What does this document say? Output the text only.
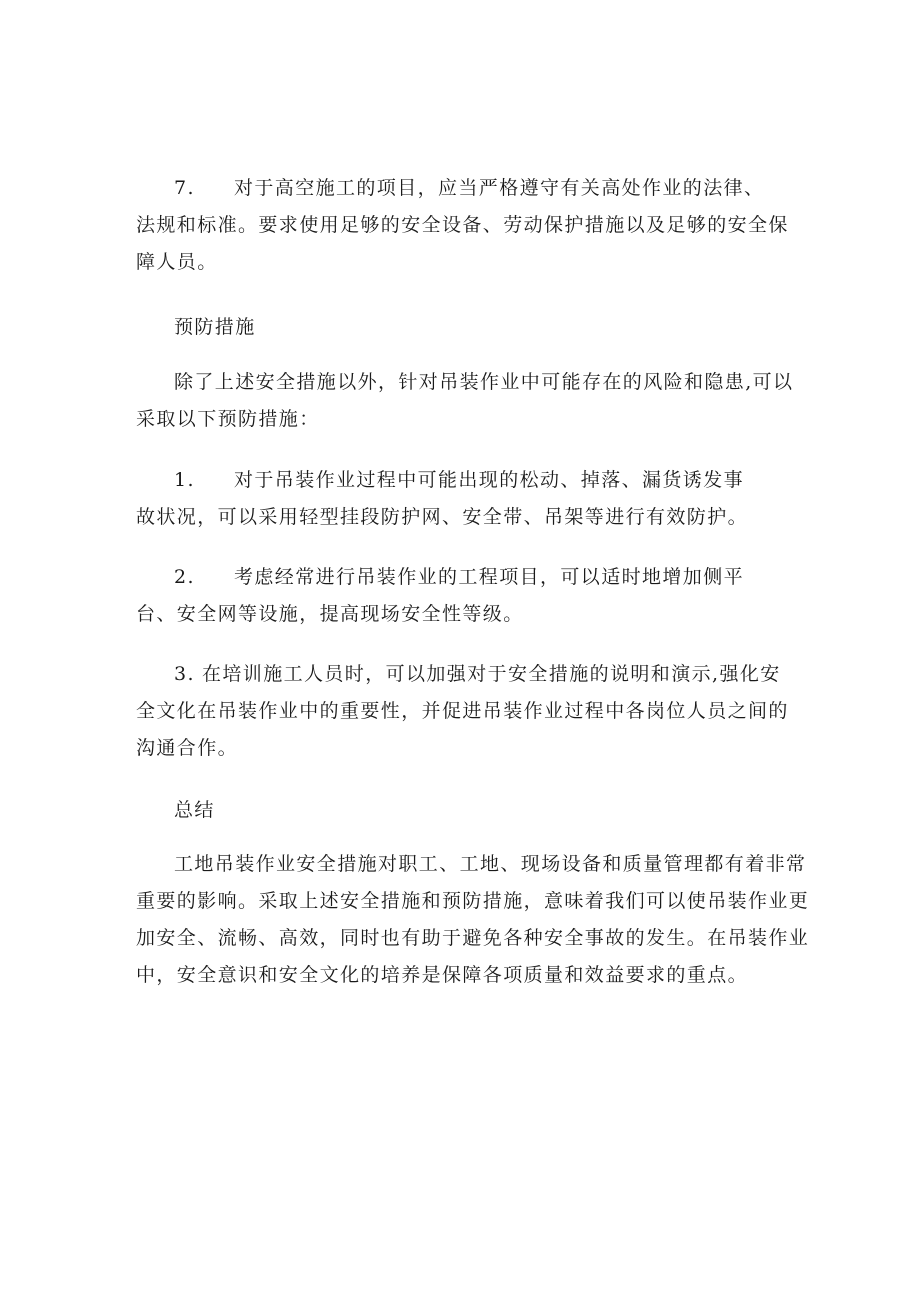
7. 对于高空施工的项目，应当严格遵守有关高处作业的法律、
法规和标准。要求使用足够的安全设备、劳动保护措施以及足够的安全保
障人员。

预防措施

除了上述安全措施以外，针对吊装作业中可能存在的风险和隐患,可以
采取以下预防措施：

1. 对于吊装作业过程中可能出现的松动、掉落、漏货诱发事
故状况，可以采用轻型挂段防护网、安全带、吊架等进行有效防护。

2. 考虑经常进行吊装作业的工程项目，可以适时地增加侧平
台、安全网等设施，提高现场安全性等级。

3. 在培训施工人员时，可以加强对于安全措施的说明和演示,强化安
全文化在吊装作业中的重要性，并促进吊装作业过程中各岗位人员之间的
沟通合作。

总结

工地吊装作业安全措施对职工、工地、现场设备和质量管理都有着非常
重要的影响。采取上述安全措施和预防措施，意味着我们可以使吊装作业更
加安全、流畅、高效，同时也有助于避免各种安全事故的发生。在吊装作业
中，安全意识和安全文化的培养是保障各项质量和效益要求的重点。
